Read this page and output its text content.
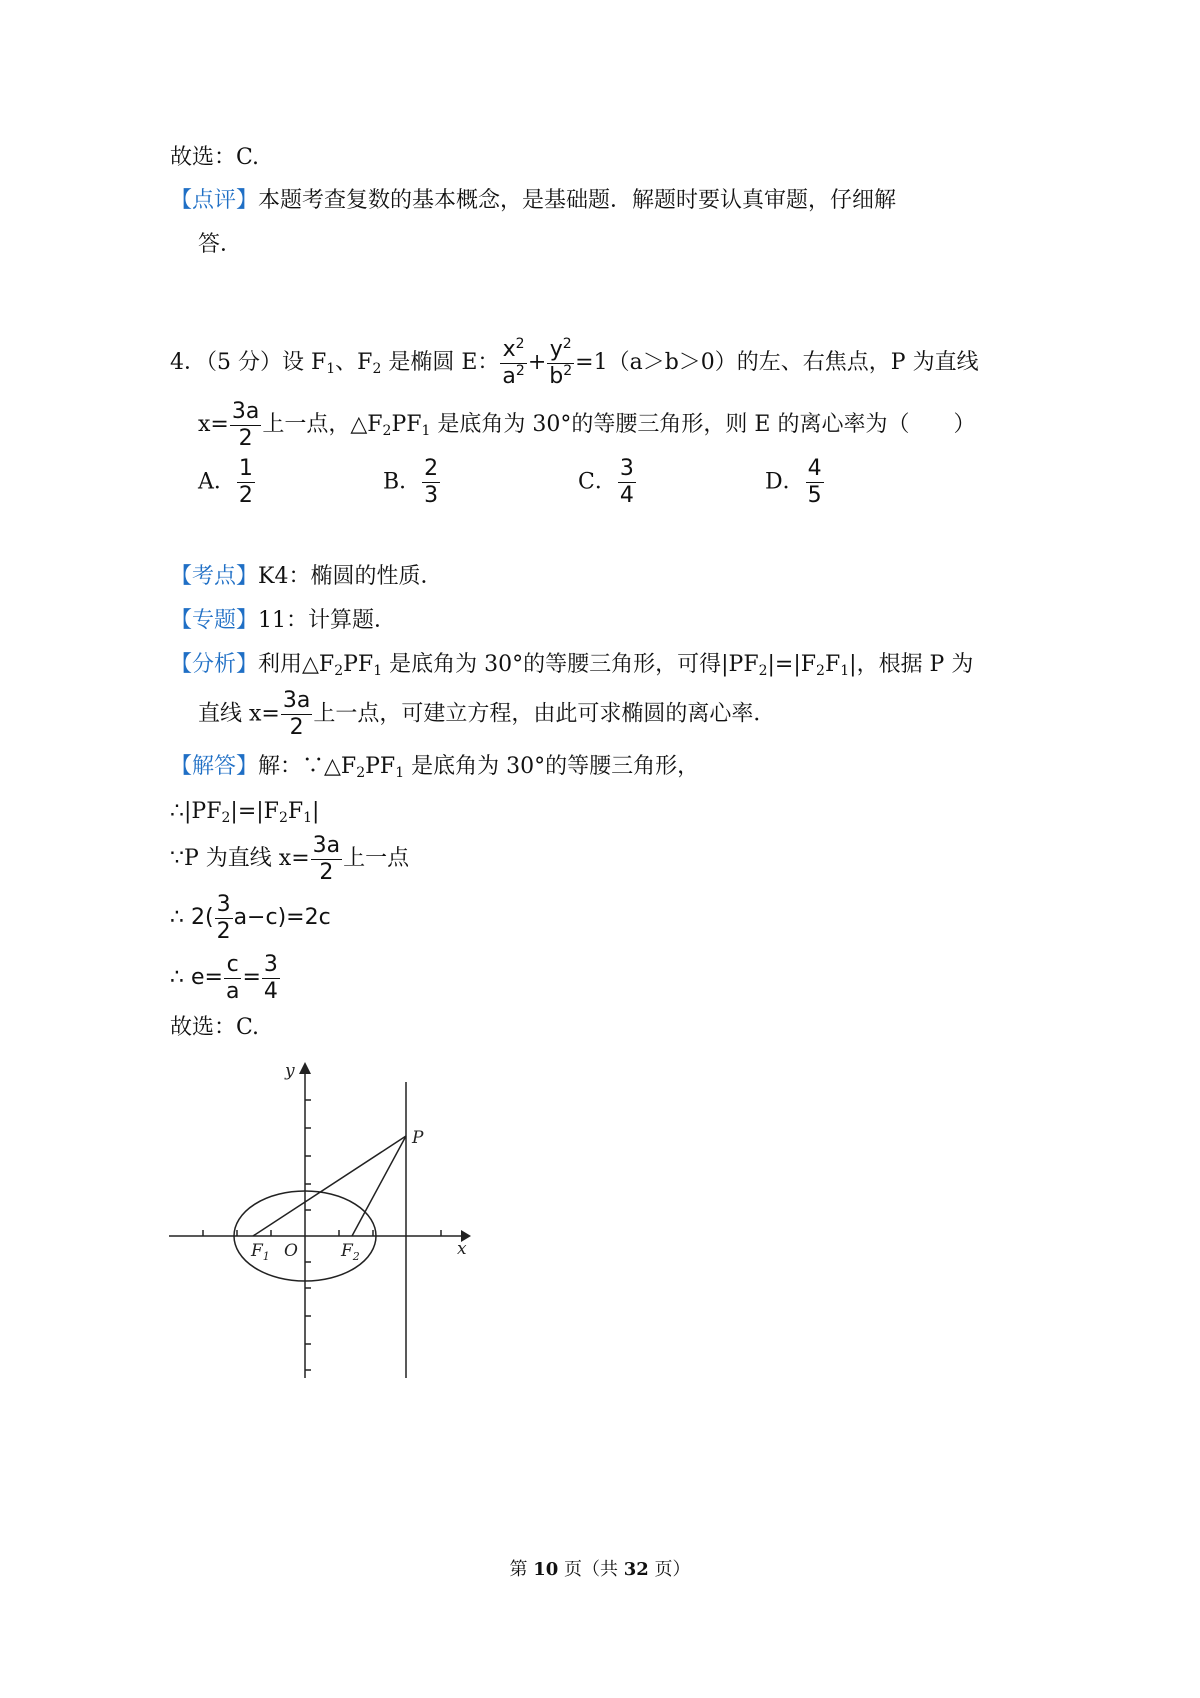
故选：C.
【点评】本题考查复数的基本概念，是基础题．解题时要认真审题，仔细解
答．
4．（5 分）设 $F_1$、$F_2$ 是椭圆 E： $\frac{x^2}{a^2} + \frac{y^2}{b^2} =1(a>b>0)$的左、右焦点，P 为直线
$x= \frac{3a}{2}$ 上一点，$\triangle F_2PF_1$ 是底角为 30°的等腰三角形，则 E 的离心率为（　　）
A． $\frac{1}{2}$	B． $\frac{2}{3}$	C． $\frac{3}{4}$	D． $\frac{4}{5}$
【考点】K4：椭圆的性质．
【专题】11：计算题．
【分析】利用$\triangle F_2PF_1$ 是底角为 30°的等腰三角形，可得$|PF_2|=|F_2F_1|$，根据 P 为
直线 $x= \frac{3a}{2}$ 上一点，可建立方程，由此可求椭圆的离心率．
【解答】解：$\because\triangle F_2PF_1$ 是底角为 30°的等腰三角形，
$\therefore|PF_2|=|F_2F_1|$
∵P 为直线 $x= \frac{3a}{2}$ 上一点
∴ $2( \frac{3}{2} a-c)=2c$
∴ $e= \frac{c}{a} = \frac{3}{4}$
故选：C.
y
x
P
O
$F_1$	$F_2$
第 10 页（共 32 页）
